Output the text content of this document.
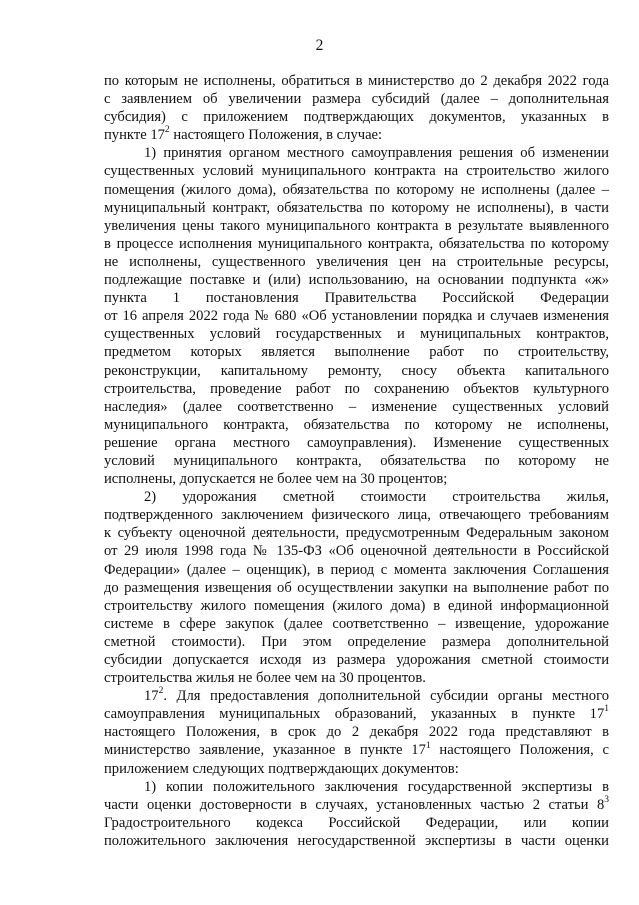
2
по которым не исполнены, обратиться в министерство до 2 декабря 2022 года
с заявлением об увеличении размера субсидий (далее – дополнительная
субсидия) с приложением подтверждающих документов, указанных в
пункте $17^2$ настоящего Положения, в случае:
1) принятия органом местного самоуправления решения об изменении
существенных условий муниципального контракта на строительство жилого
помещения (жилого дома), обязательства по которому не исполнены (далее –
муниципальный контракт, обязательства по которому не исполнены), в части
увеличения цены такого муниципального контракта в результате выявленного
в процессе исполнения муниципального контракта, обязательства по которому
не исполнены, существенного увеличения цен на строительные ресурсы,
подлежащие поставке и (или) использованию, на основании подпункта «ж»
пункта 1 постановления Правительства Российской Федерации
от 16 апреля 2022 года № 680 «Об установлении порядка и случаев изменения
существенных условий государственных и муниципальных контрактов,
предметом которых является выполнение работ по строительству,
реконструкции, капитальному ремонту, сносу объекта капитального
строительства, проведение работ по сохранению объектов культурного
наследия» (далее соответственно – изменение существенных условий
муниципального контракта, обязательства по которому не исполнены,
решение органа местного самоуправления). Изменение существенных
условий муниципального контракта, обязательства по которому не
исполнены, допускается не более чем на 30 процентов;
2) удорожания сметной стоимости строительства жилья,
подтвержденного заключением физического лица, отвечающего требованиям
к субъекту оценочной деятельности, предусмотренным Федеральным законом
от 29 июля 1998 года № 135-ФЗ «Об оценочной деятельности в Российской
Федерации» (далее – оценщик), в период с момента заключения Соглашения
до размещения извещения об осуществлении закупки на выполнение работ по
строительству жилого помещения (жилого дома) в единой информационной
системе в сфере закупок (далее соответственно – извещение, удорожание
сметной стоимости). При этом определение размера дополнительной
субсидии допускается исходя из размера удорожания сметной стоимости
строительства жилья не более чем на 30 процентов.
$17^2$. Для предоставления дополнительной субсидии органы местного
самоуправления муниципальных образований, указанных в пункте $17^1$
настоящего Положения, в срок до 2 декабря 2022 года представляют в
министерство заявление, указанное в пункте $17^1$ настоящего Положения, с
приложением следующих подтверждающих документов:
1) копии положительного заключения государственной экспертизы в
части оценки достоверности в случаях, установленных частью 2 статьи $8^3$
Градостроительного кодекса Российской Федерации, или копии
положительного заключения негосударственной экспертизы в части оценки
